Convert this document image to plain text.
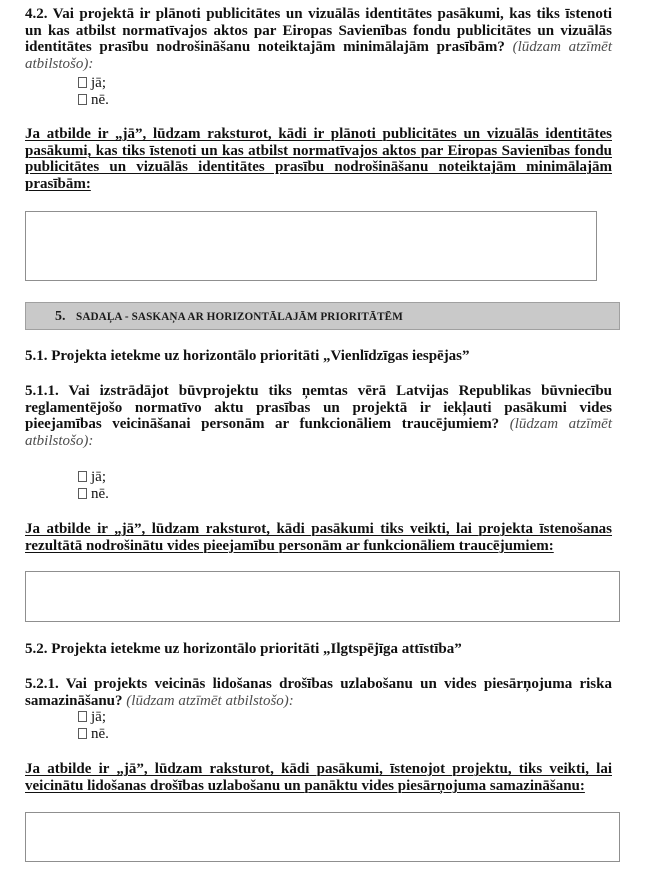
4.2. Vai projektā ir plānoti publicitātes un vizuālās identitātes pasākumi, kas tiks īstenoti
un kas atbilst normatīvajos aktos par Eiropas Savienības fondu publicitātes un vizuālās
identitātes prasību nodrošināšanu noteiktajām minimālajām prasībām? (lūdzam atzīmēt
atbilstošo):
jā;
nē.
Ja atbilde ir „jā”, lūdzam raksturot, kādi ir plānoti publicitātes un vizuālās identitātes
pasākumi, kas tiks īstenoti un kas atbilst normatīvajos aktos par Eiropas Savienības fondu
publicitātes un vizuālās identitātes prasību nodrošināšanu noteiktajām minimālajām
prasībām:
5. SADAĻA - SASKAŅA AR HORIZONTĀLAJĀM PRIORITĀTĒM
5.1. Projekta ietekme uz horizontālo prioritāti „Vienlīdzīgas iespējas”
5.1.1. Vai izstrādājot būvprojektu tiks ņemtas vērā Latvijas Republikas būvniecību
reglamentējošo normatīvo aktu prasības un projektā ir iekļauti pasākumi vides
pieejamības veicināšanai personām ar funkcionāliem traucējumiem? (lūdzam atzīmēt
atbilstošo):
jā;
nē.
Ja atbilde ir „jā”, lūdzam raksturot, kādi pasākumi tiks veikti, lai projekta īstenošanas
rezultātā nodrošinātu vides pieejamību personām ar funkcionāliem traucējumiem:
5.2. Projekta ietekme uz horizontālo prioritāti „Ilgtspējīga attīstība”
5.2.1. Vai projekts veicinās lidošanas drošības uzlabošanu un vides piesārņojuma riska
samazināšanu? (lūdzam atzīmēt atbilstošo):
jā;
nē.
Ja atbilde ir „jā”, lūdzam raksturot, kādi pasākumi, īstenojot projektu, tiks veikti, lai
veicinātu lidošanas drošības uzlabošanu un panāktu vides piesārņojuma samazināšanu:
